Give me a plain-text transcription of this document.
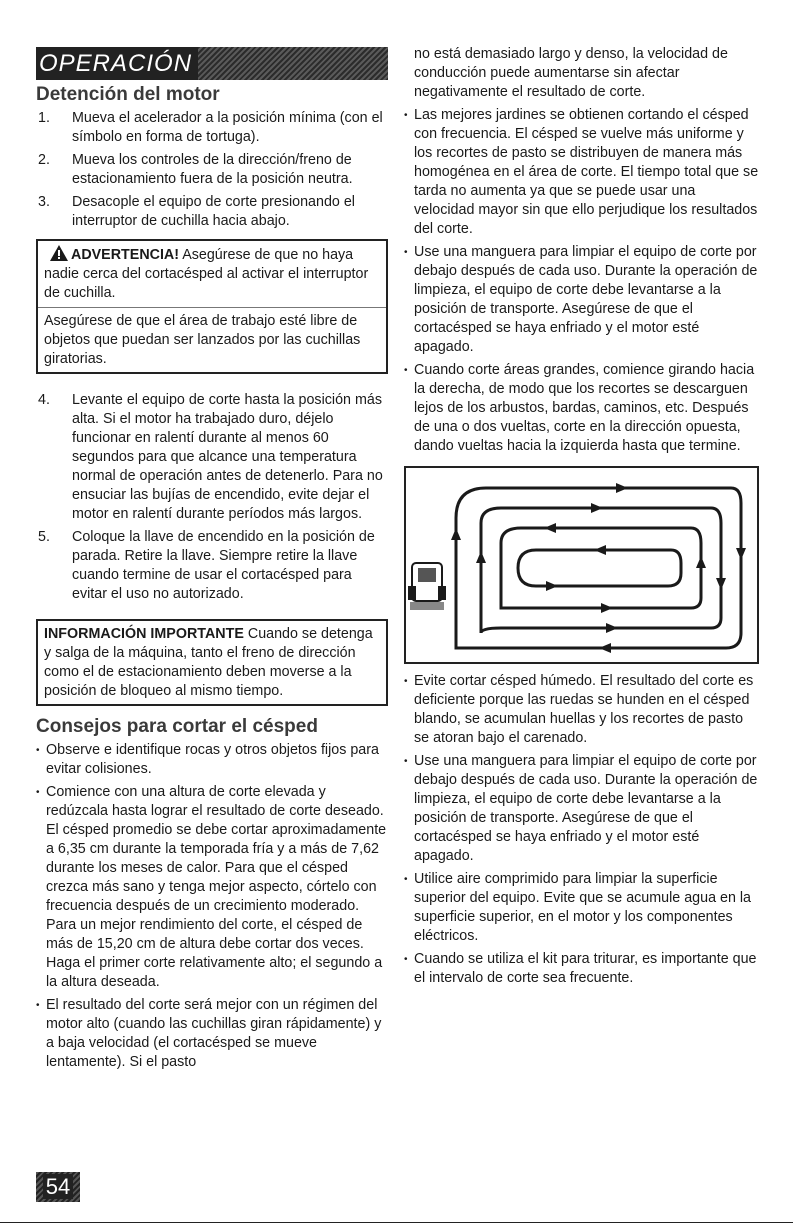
OPERACIÓN
Detención del motor
1. Mueva el acelerador a la posición mínima (con el símbolo en forma de tortuga).
2. Mueva los controles de la dirección/freno de estacionamiento fuera de la posición neutra.
3. Desacople el equipo de corte presionando el interruptor de cuchilla hacia abajo.
ADVERTENCIA! Asegúrese de que no haya nadie cerca del cortacésped al activar el interruptor de cuchilla.
Asegúrese de que el área de trabajo esté libre de objetos que puedan ser lanzados por las cuchillas giratorias.
4. Levante el equipo de corte hasta la posición más alta. Si el motor ha trabajado duro, déjelo funcionar en ralentí durante al menos 60 segundos para que alcance una temperatura normal de operación antes de detenerlo. Para no ensuciar las bujías de encendido, evite dejar el motor en ralentí durante períodos más largos.
5. Coloque la llave de encendido en la posición de parada. Retire la llave. Siempre retire la llave cuando termine de usar el cortacésped para evitar el uso no autorizado.
INFORMACIÓN IMPORTANTE Cuando se detenga y salga de la máquina, tanto el freno de dirección como el de estacionamiento deben moverse a la posición de bloqueo al mismo tiempo.
Consejos para cortar el césped
• Observe e identifique rocas y otros objetos fijos para evitar colisiones.
• Comience con una altura de corte elevada y redúzcala hasta lograr el resultado de corte deseado. El césped promedio se debe cortar aproximadamente a 6,35 cm durante la temporada fría y a más de 7,62 durante los meses de calor. Para que el césped crezca más sano y tenga mejor aspecto, córtelo con frecuencia después de un crecimiento moderado. Para un mejor rendimiento del corte, el césped de más de 15,20 cm de altura debe cortar dos veces. Haga el primer corte relativamente alto; el segundo a la altura deseada.
• El resultado del corte será mejor con un régimen del motor alto (cuando las cuchillas giran rápidamente) y a baja velocidad (el cortacésped se mueve lentamente). Si el pasto
no está demasiado largo y denso, la velocidad de conducción puede aumentarse sin afectar negativamente el resultado de corte.
• Las mejores jardines se obtienen cortando el césped con frecuencia. El césped se vuelve más uniforme y los recortes de pasto se distribuyen de manera más homogénea en el área de corte. El tiempo total que se tarda no aumenta ya que se puede usar una velocidad mayor sin que ello perjudique los resultados del corte.
• Use una manguera para limpiar el equipo de corte por debajo después de cada uso. Durante la operación de limpieza, el equipo de corte debe levantarse a la posición de transporte. Asegúrese de que el cortacésped se haya enfriado y el motor esté apagado.
• Cuando corte áreas grandes, comience girando hacia la derecha, de modo que los recortes se descarguen lejos de los arbustos, bardas, caminos, etc. Después de una o dos vueltas, corte en la dirección opuesta, dando vueltas hacia la izquierda hasta que termine.
• Evite cortar césped húmedo. El resultado del corte es deficiente porque las ruedas se hunden en el césped blando, se acumulan huellas y los recortes de pasto se atoran bajo el carenado.
• Use una manguera para limpiar el equipo de corte por debajo después de cada uso. Durante la operación de limpieza, el equipo de corte debe levantarse a la posición de transporte. Asegúrese de que el cortacésped se haya enfriado y el motor esté apagado.
• Utilice aire comprimido para limpiar la superficie superior del equipo. Evite que se acumule agua en la superficie superior, en el motor y los componentes eléctricos.
• Cuando se utiliza el kit para triturar, es importante que el intervalo de corte sea frecuente.
54
